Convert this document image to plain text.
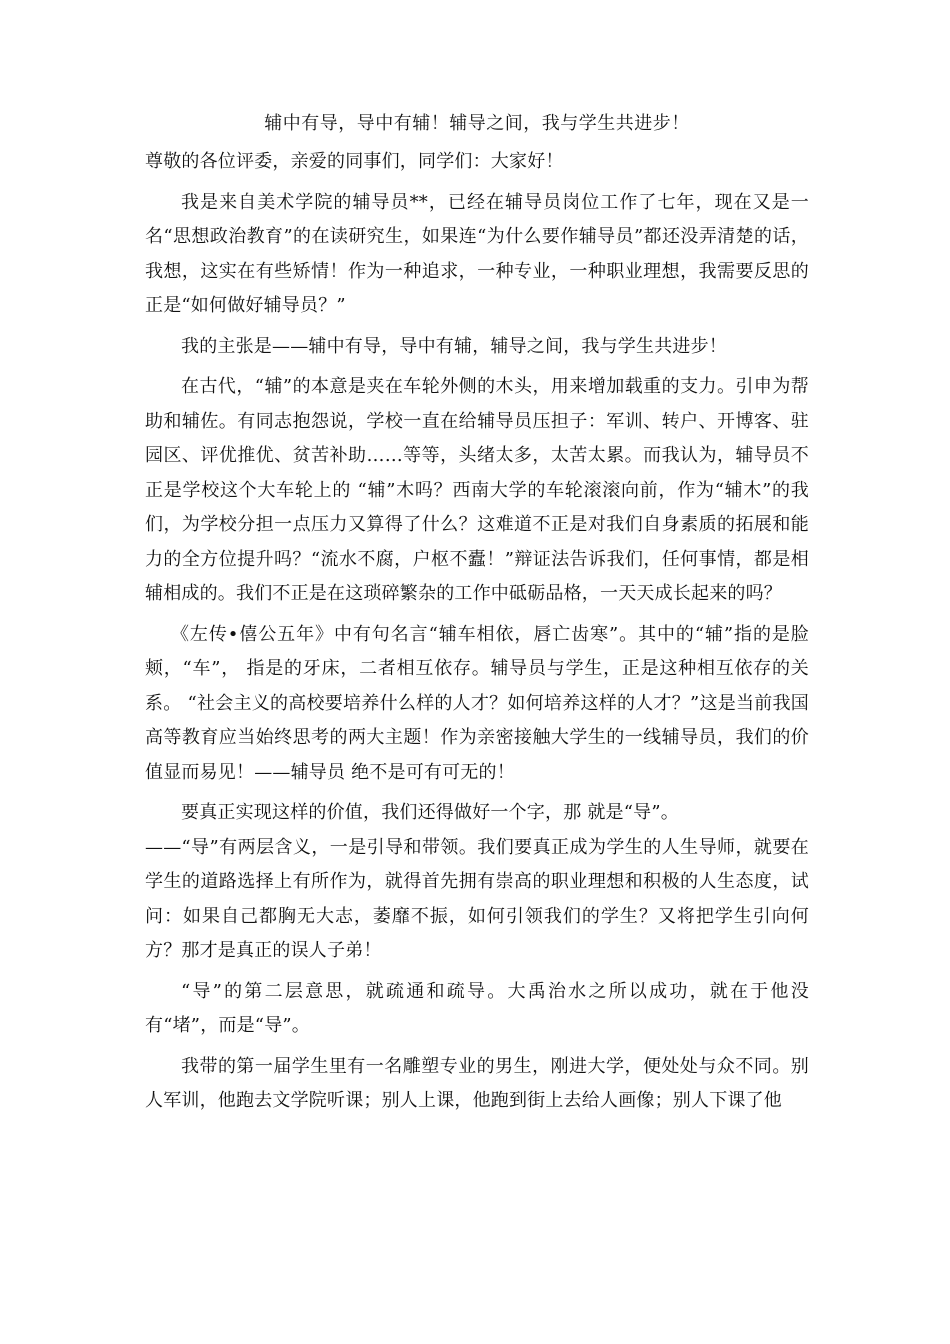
辅中有导，导中有辅！辅导之间，我与学生共进步！

尊敬的各位评委，亲爱的同事们，同学们：大家好！

我是来自美术学院的辅导员**，已经在辅导员岗位工作了七年，现在又是一名“思想政治教育”的在读研究生，如果连“为什么要作辅导员”都还没弄清楚的话，我想，这实在有些矫情！作为一种追求，一种专业，一种职业理想，我需要反思的正是“如何做好辅导员？”

我的主张是——辅中有导，导中有辅，辅导之间，我与学生共进步！

在古代，“辅”的本意是夹在车轮外侧的木头，用来增加载重的支力。引申为帮助和辅佐。有同志抱怨说，学校一直在给辅导员压担子：军训、转户、开博客、驻园区、评优推优、贫苦补助……等等，头绪太多，太苦太累。而我认为，辅导员不正是学校这个大车轮上的 “辅”木吗？西南大学的车轮滚滚向前，作为“辅木”的我们，为学校分担一点压力又算得了什么？这难道不正是对我们自身素质的拓展和能力的全方位提升吗？“流水不腐，户枢不蠹！”辩证法告诉我们，任何事情，都是相辅相成的。我们不正是在这琐碎繁杂的工作中砥砺品格，一天天成长起来的吗？

《左传•僖公五年》中有句名言“辅车相依，唇亡齿寒”。其中的“辅”指的是脸颊，“车”， 指是的牙床，二者相互依存。辅导员与学生，正是这种相互依存的关系。 “社会主义的高校要培养什么样的人才？如何培养这样的人才？”这是当前我国高等教育应当始终思考的两大主题！作为亲密接触大学生的一线辅导员，我们的价值显而易见！——辅导员 绝不是可有可无的！

要真正实现这样的价值，我们还得做好一个字，那 就是“导”。

——“导”有两层含义，一是引导和带领。我们要真正成为学生的人生导师，就要在学生的道路选择上有所作为，就得首先拥有崇高的职业理想和积极的人生态度，试问：如果自己都胸无大志，萎靡不振，如何引领我们的学生？又将把学生引向何方？那才是真正的误人子弟！

“导”的第二层意思，就疏通和疏导。大禹治水之所以成功，就在于他没有“堵”，而是“导”。

我带的第一届学生里有一名雕塑专业的男生，刚进大学，便处处与众不同。别人军训，他跑去文学院听课；别人上课，他跑到街上去给人画像；别人下课了他
